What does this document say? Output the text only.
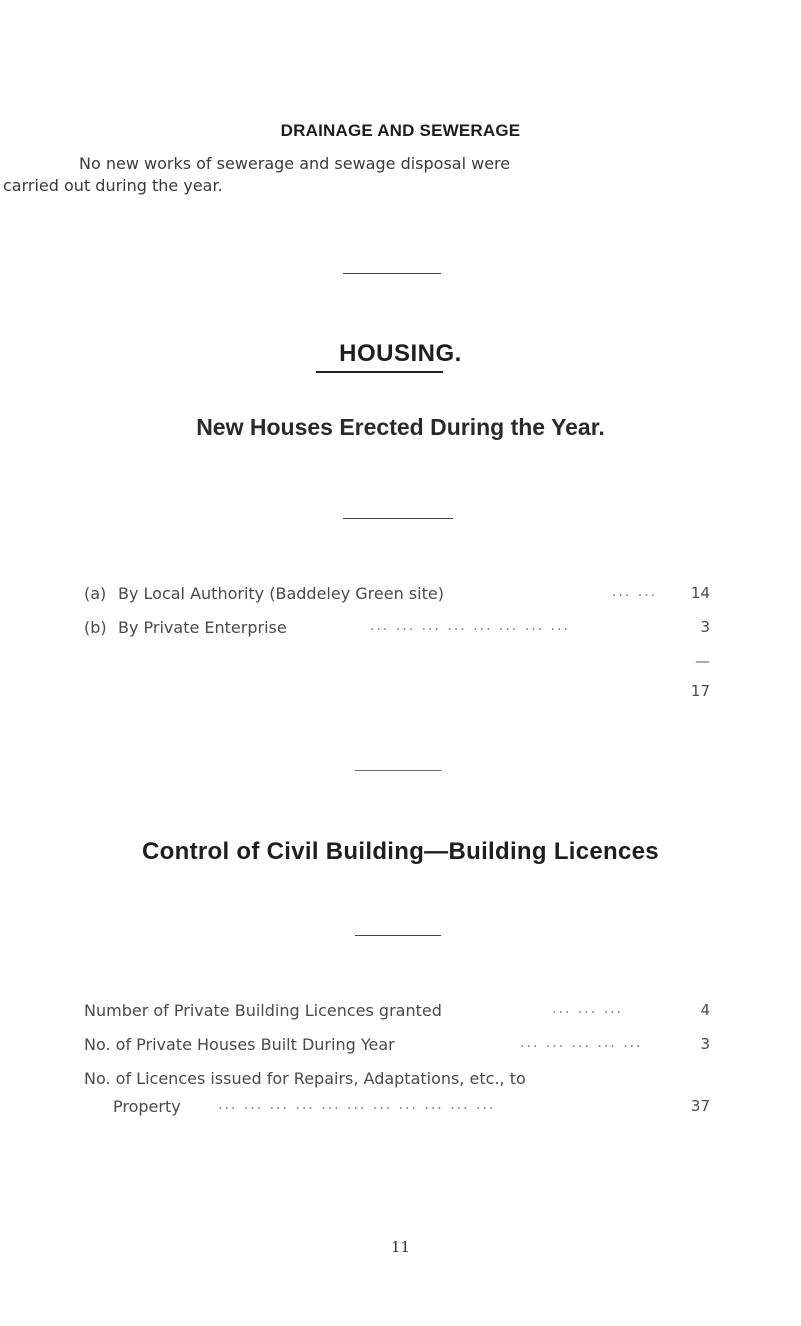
DRAINAGE AND SEWERAGE
No new works of sewerage and sewage disposal were
carried out during the year.
HOUSING.
New Houses Erected During the Year.
(a) By Local Authority (Baddeley Green site)	... ...	14
(b) By Private Enterprise	... ... ... ... ... ... ... ...	3
—
17
Control of Civil Building—Building Licences
Number of Private Building Licences granted	... ... ...	4
No. of Private Houses Built During Year	... ... ... ... ...	3
No. of Licences issued for Repairs, Adaptations, etc., to
Property	... ... ... ... ... ... ... ... ... ... ...	37
11
